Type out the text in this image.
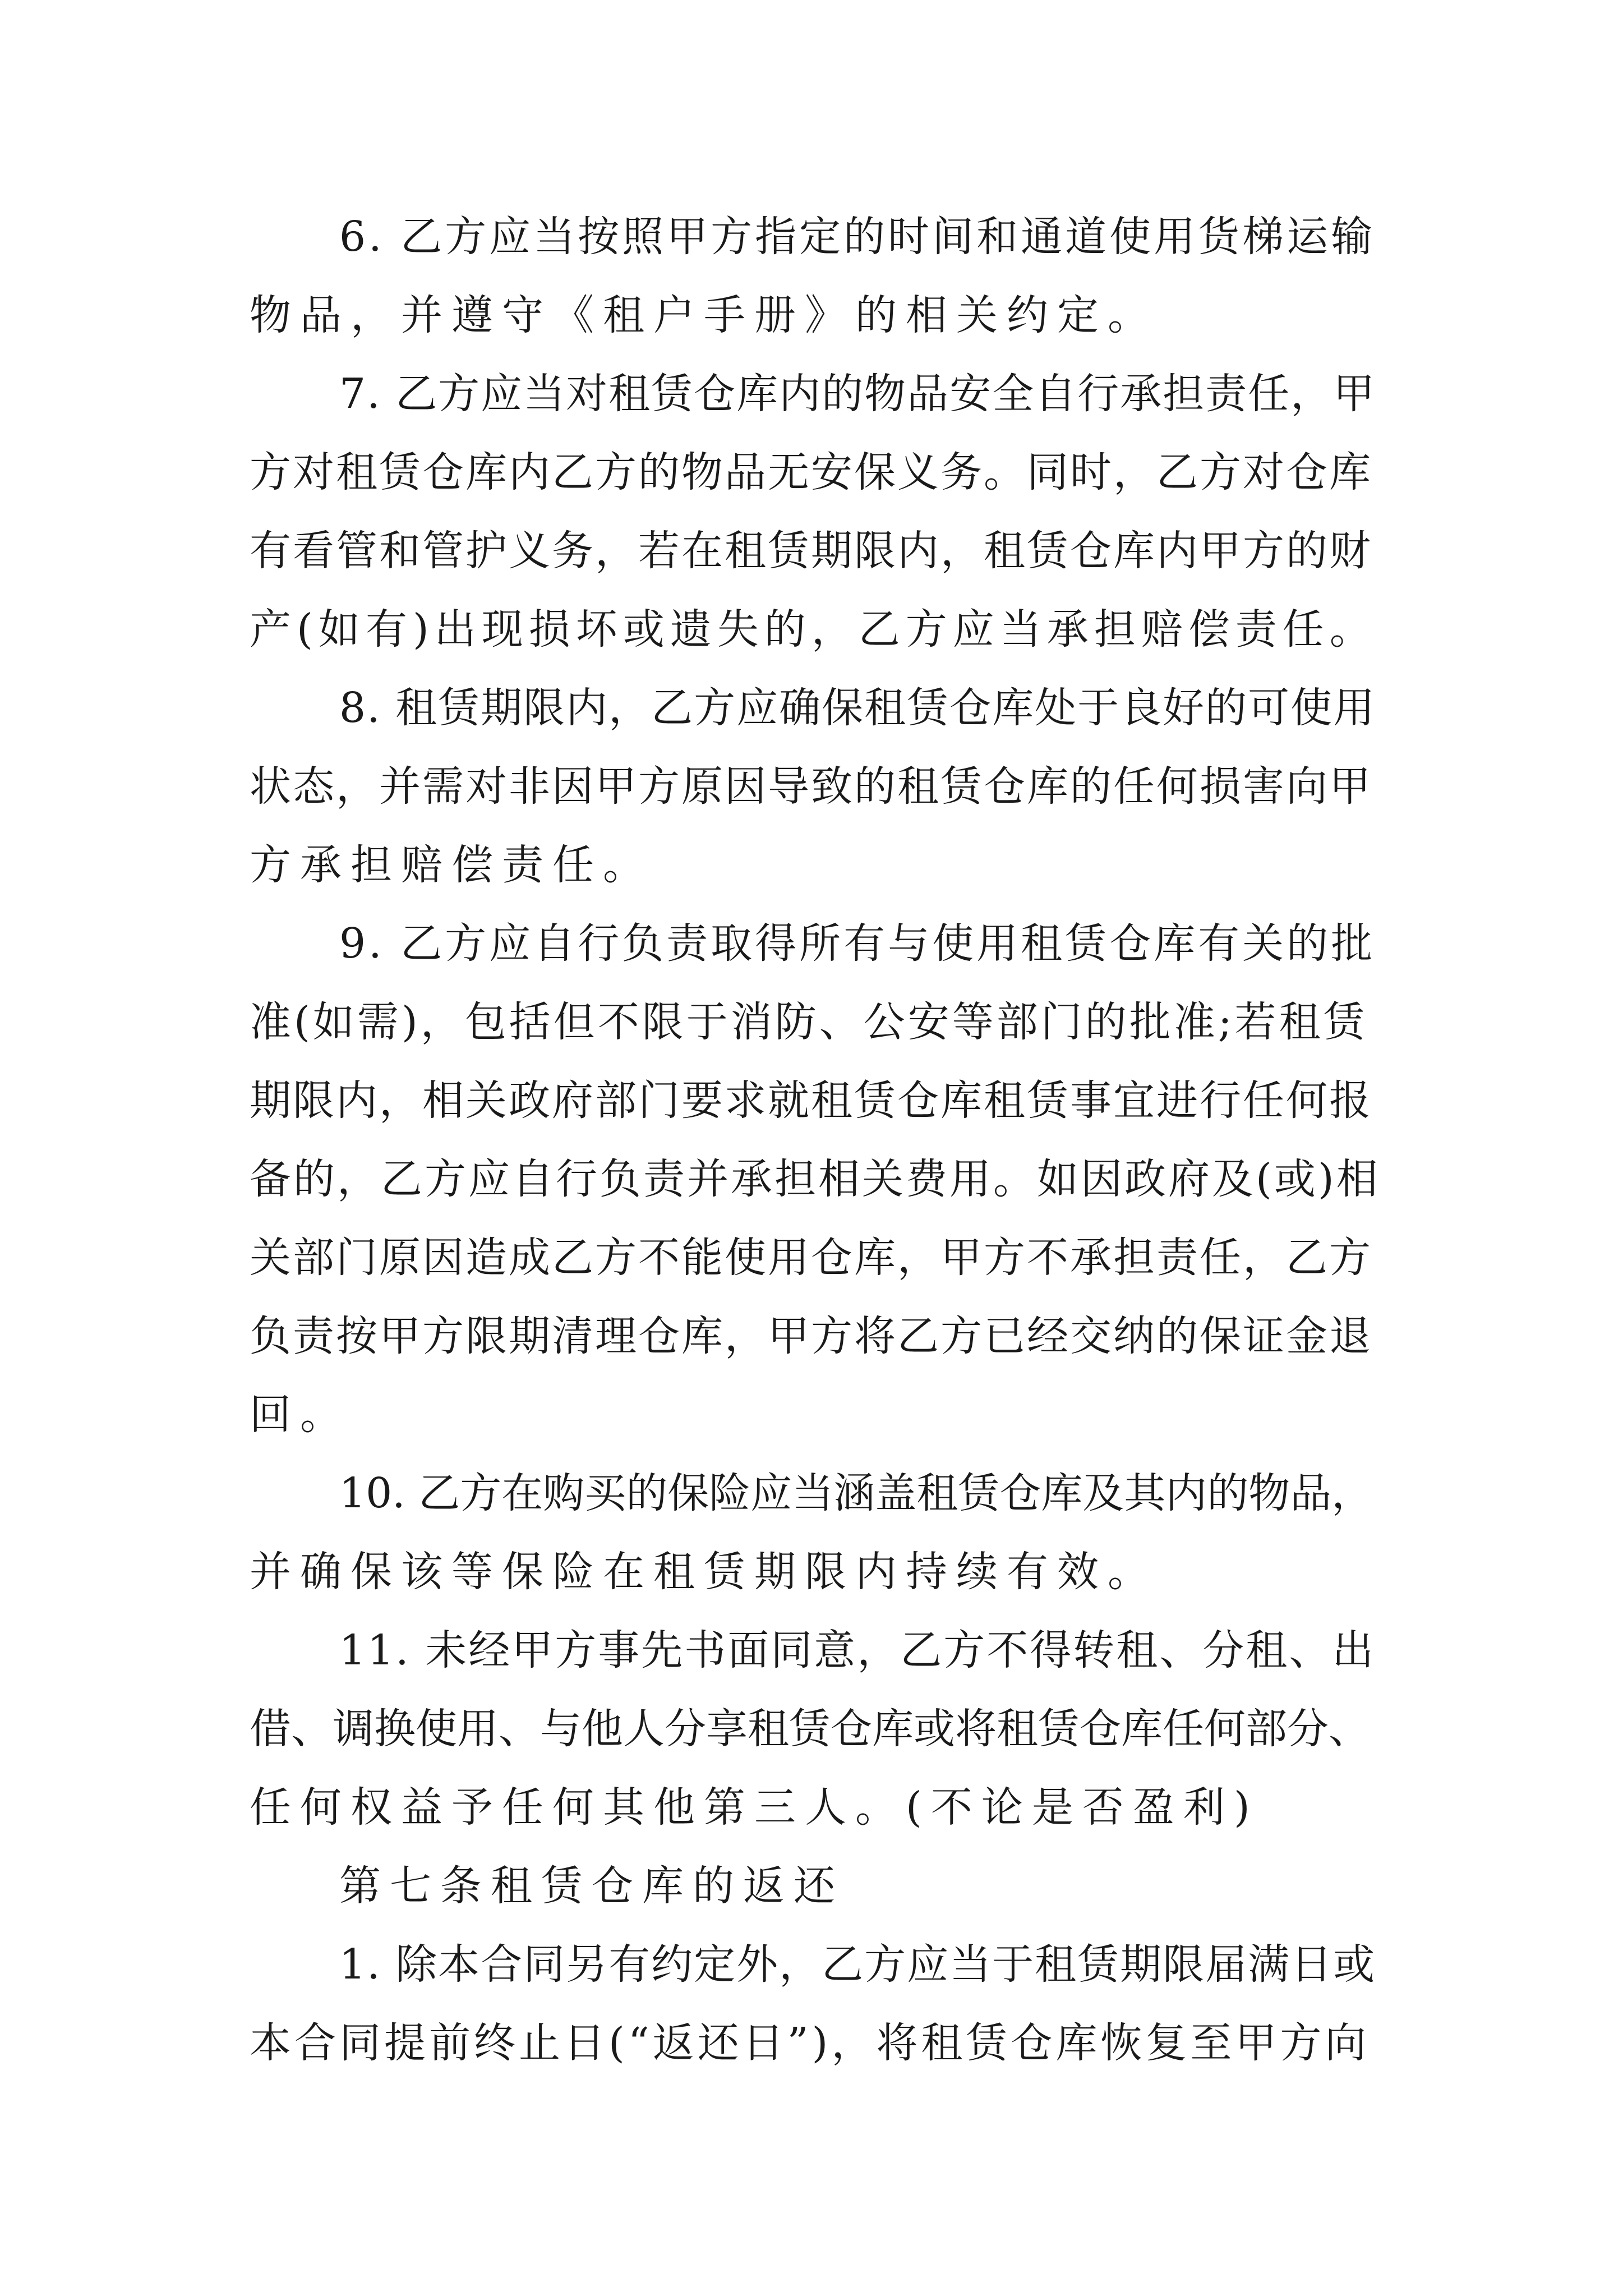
6. 乙方应当按照甲方指定的时间和通道使用货梯运输
物品，并遵守《租户手册》的相关约定。
7. 乙方应当对租赁仓库内的物品安全自行承担责任，甲
方对租赁仓库内乙方的物品无安保义务。同时，乙方对仓库
有看管和管护义务，若在租赁期限内，租赁仓库内甲方的财
产(如有)出现损坏或遗失的，乙方应当承担赔偿责任。
8. 租赁期限内，乙方应确保租赁仓库处于良好的可使用
状态，并需对非因甲方原因导致的租赁仓库的任何损害向甲
方承担赔偿责任。
9. 乙方应自行负责取得所有与使用租赁仓库有关的批
准(如需)，包括但不限于消防、公安等部门的批准;若租赁
期限内，相关政府部门要求就租赁仓库租赁事宜进行任何报
备的，乙方应自行负责并承担相关费用。如因政府及(或)相
关部门原因造成乙方不能使用仓库，甲方不承担责任，乙方
负责按甲方限期清理仓库，甲方将乙方已经交纳的保证金退
回。
10. 乙方在购买的保险应当涵盖租赁仓库及其内的物品，
并确保该等保险在租赁期限内持续有效。
11. 未经甲方事先书面同意，乙方不得转租、分租、出
借、调换使用、与他人分享租赁仓库或将租赁仓库任何部分、
任何权益予任何其他第三人。(不论是否盈利)
第七条租赁仓库的返还
1. 除本合同另有约定外，乙方应当于租赁期限届满日或
本合同提前终止日(“返还日”)，将租赁仓库恢复至甲方向
